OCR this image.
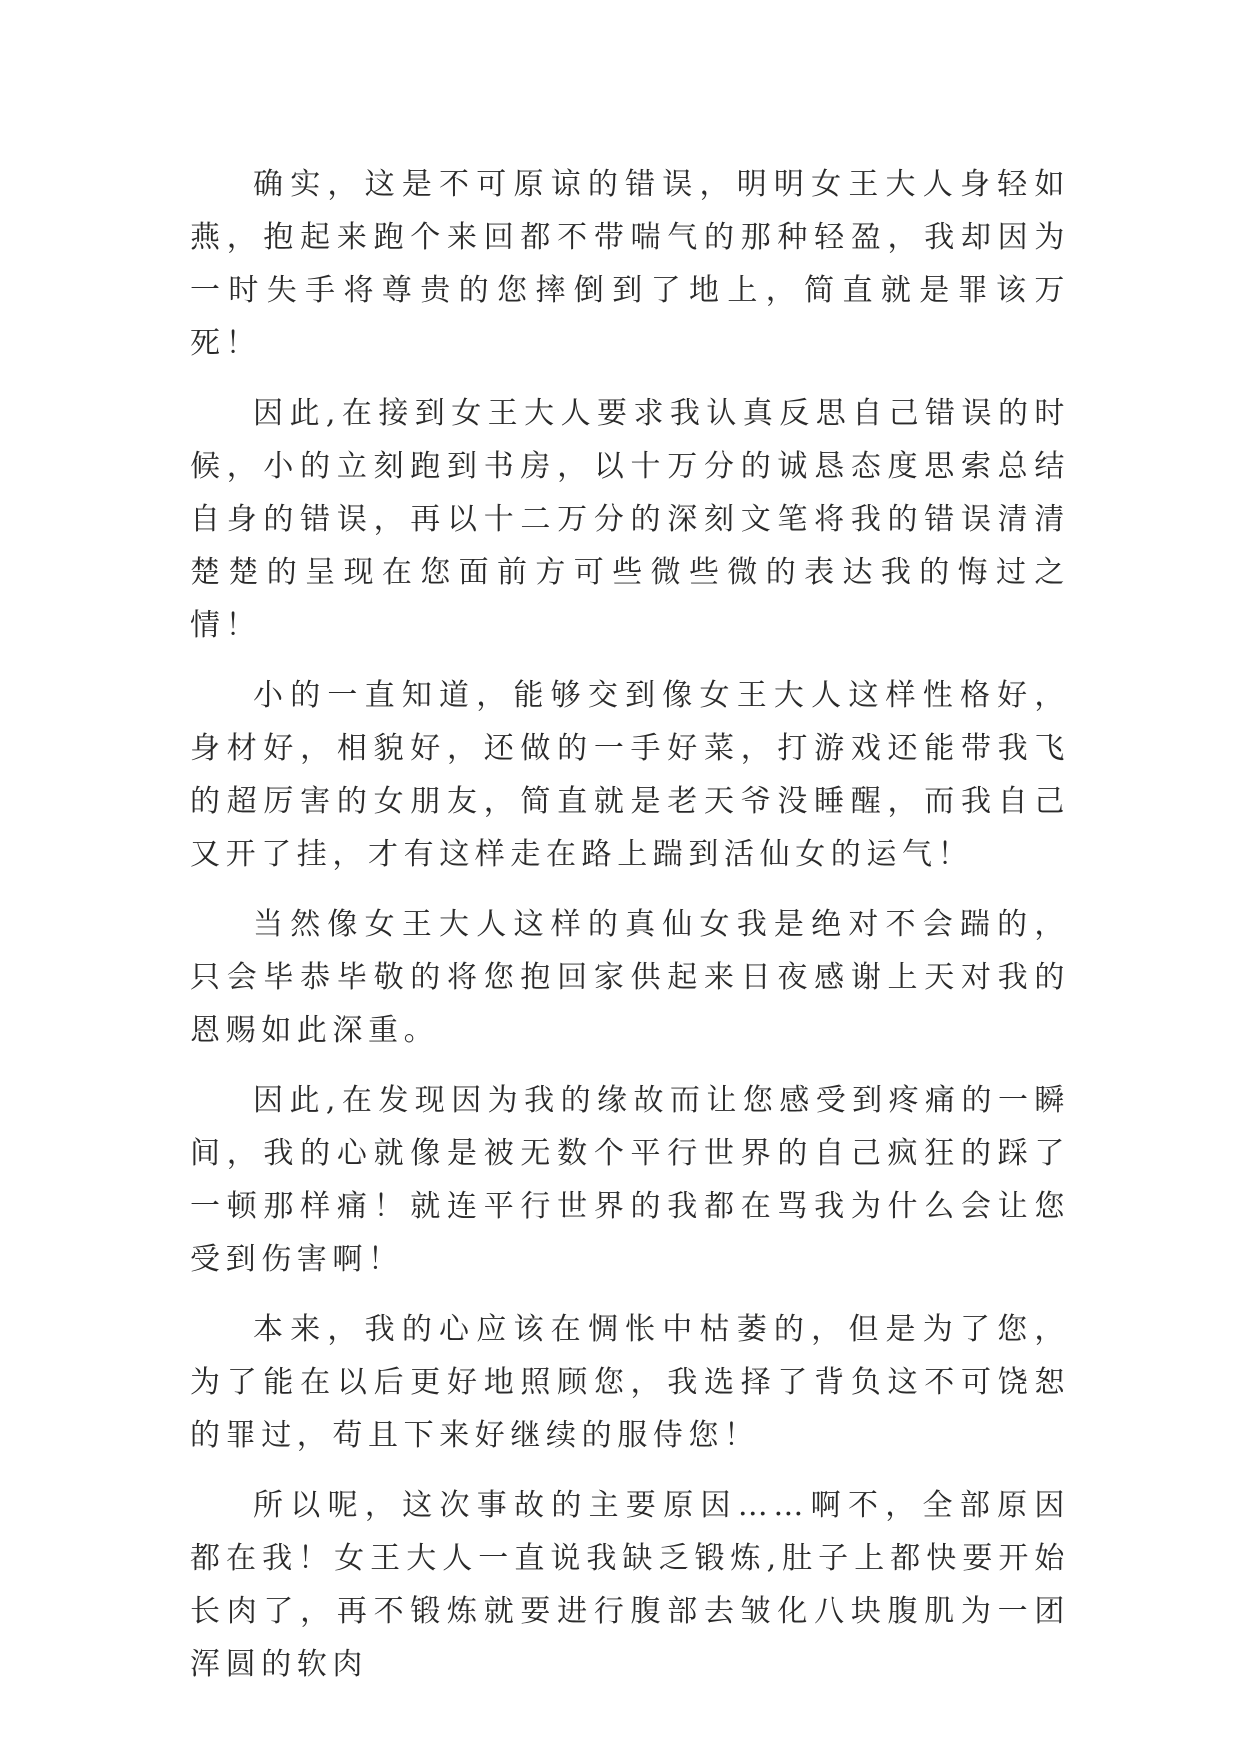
确实，这是不可原谅的错误，明明女王大人身轻如燕，抱起来跑个来回都不带喘气的那种轻盈，我却因为一时失手将尊贵的您摔倒到了地上，简直就是罪该万死！

因此,在接到女王大人要求我认真反思自己错误的时候，小的立刻跑到书房，以十万分的诚恳态度思索总结自身的错误，再以十二万分的深刻文笔将我的错误清清楚楚的呈现在您面前方可些微些微的表达我的悔过之情！

小的一直知道，能够交到像女王大人这样性格好，身材好，相貌好，还做的一手好菜，打游戏还能带我飞的超厉害的女朋友，简直就是老天爷没睡醒，而我自己又开了挂，才有这样走在路上踹到活仙女的运气！

当然像女王大人这样的真仙女我是绝对不会踹的，只会毕恭毕敬的将您抱回家供起来日夜感谢上天对我的恩赐如此深重。

因此,在发现因为我的缘故而让您感受到疼痛的一瞬间，我的心就像是被无数个平行世界的自己疯狂的踩了一顿那样痛！就连平行世界的我都在骂我为什么会让您受到伤害啊！

本来，我的心应该在惆怅中枯萎的，但是为了您，为了能在以后更好地照顾您，我选择了背负这不可饶恕的罪过，苟且下来好继续的服侍您！

所以呢，这次事故的主要原因……啊不，全部原因都在我！女王大人一直说我缺乏锻炼,肚子上都快要开始长肉了，再不锻炼就要进行腹部去皱化八块腹肌为一团浑圆的软肉
